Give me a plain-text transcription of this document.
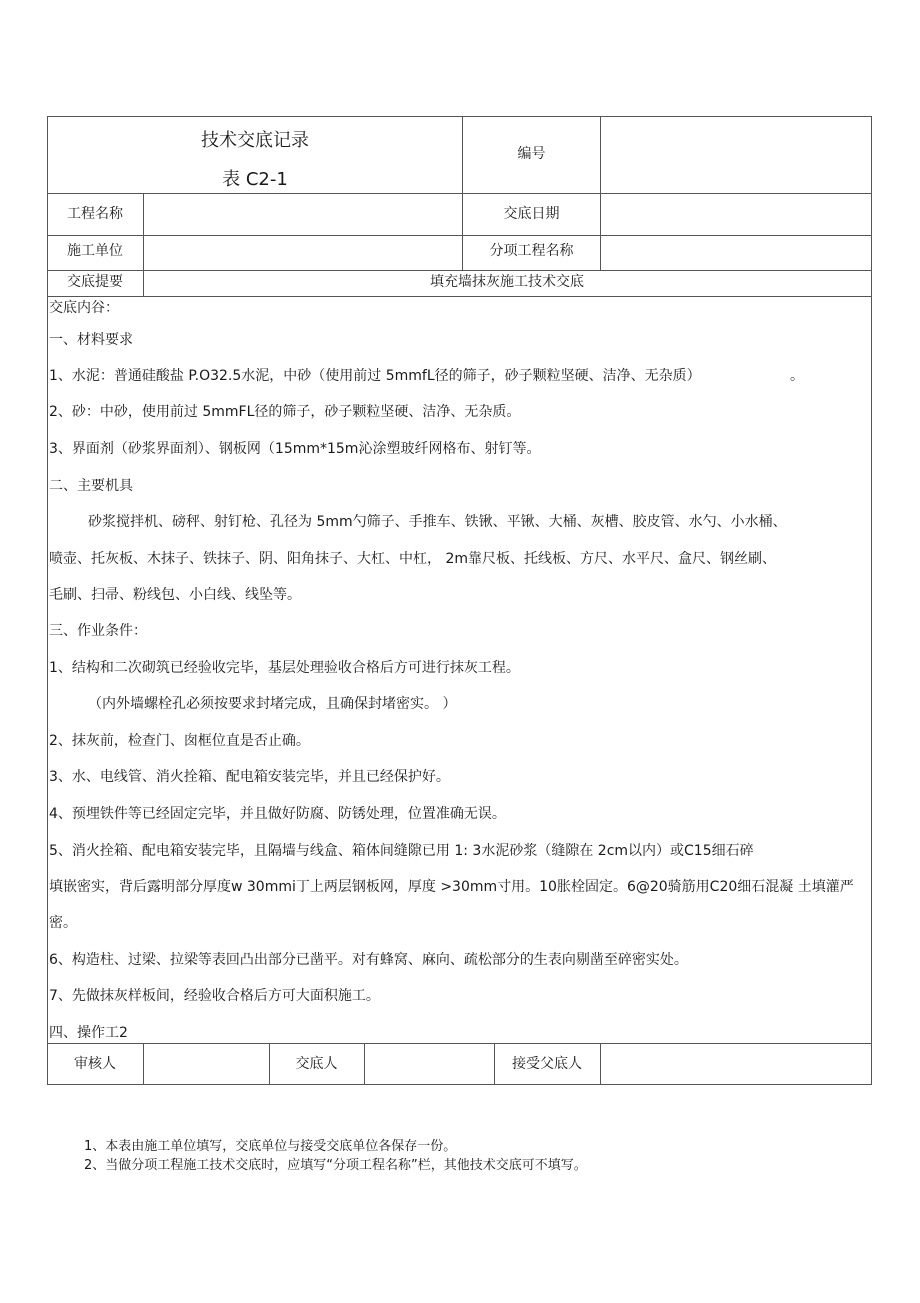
技术交底记录
表 C2-1
编号
工程名称	交底日期
施工单位	分项工程名称
交底提要	填充墙抹灰施工技术交底
交底内谷：
一、材料要求
1、水泥：普通硅酸盐 P.O32.5水泥，中砂（使用前过 5mmfL径的筛子，砂子颗粒坚硬、洁净、无杂质）	。
2、砂：中砂，使用前过 5mmFL径的筛子，砂子颗粒坚硬、洁净、无杂质。
3、界面剂（砂浆界面剂）、钢板网（15mm*15m沁涂塑玻纤网格布、射钉等。
二、主要机具
砂浆搅拌机、磅秤、射钉枪、孔径为 5mm勺筛子、手推车、铁锹、平锹、大桶、灰槽、胶皮管、水勺、小水桶、
喷壶、托灰板、木抹子、铁抹子、阴、阳角抹子、大杠、中杠， 2m靠尺板、托线板、方尺、水平尺、盒尺、钢丝刷、
毛刷、扫帚、粉线包、小白线、线坠等。
三、作业条件：
1、结构和二次砌筑已经验收完毕，基层处理验收合格后方可进行抹灰工程。
（内外墙螺栓孔必须按要求封堵完成，且确保封堵密实。 ）
2、抹灰前，检查门、囱框位直是否止确。
3、水、电线管、消火拴箱、配电箱安装完毕，并且已经保护好。
4、预埋铁件等已经固定完毕，并且做好防腐、防锈处理，位置准确无误。
5、消火拴箱、配电箱安装完毕，且隔墙与线盒、箱体间缝隙已用 1: 3水泥砂浆（缝隙在 2cm以内）或C15细石碎
填嵌密实，背后露明部分厚度w 30mmi丁上两层钢板网，厚度 >30mm寸用。10胀栓固定。6@20骑筋用C20细石混凝 土填灌严
密。
6、构造柱、过梁、拉梁等表回凸出部分已凿平。对有蜂窝、麻向、疏松部分的生表向剔凿至碎密实处。
7、先做抹灰样板间，经验收合格后方可大面积施工。
四、操作工2
审核人	交底人	接受父底人
1、本表由施工单位填写，交底单位与接受交底单位各保存一份。
2、当做分项工程施工技术交底时，应填写“分项工程名称”栏，其他技术交底可不填写。
